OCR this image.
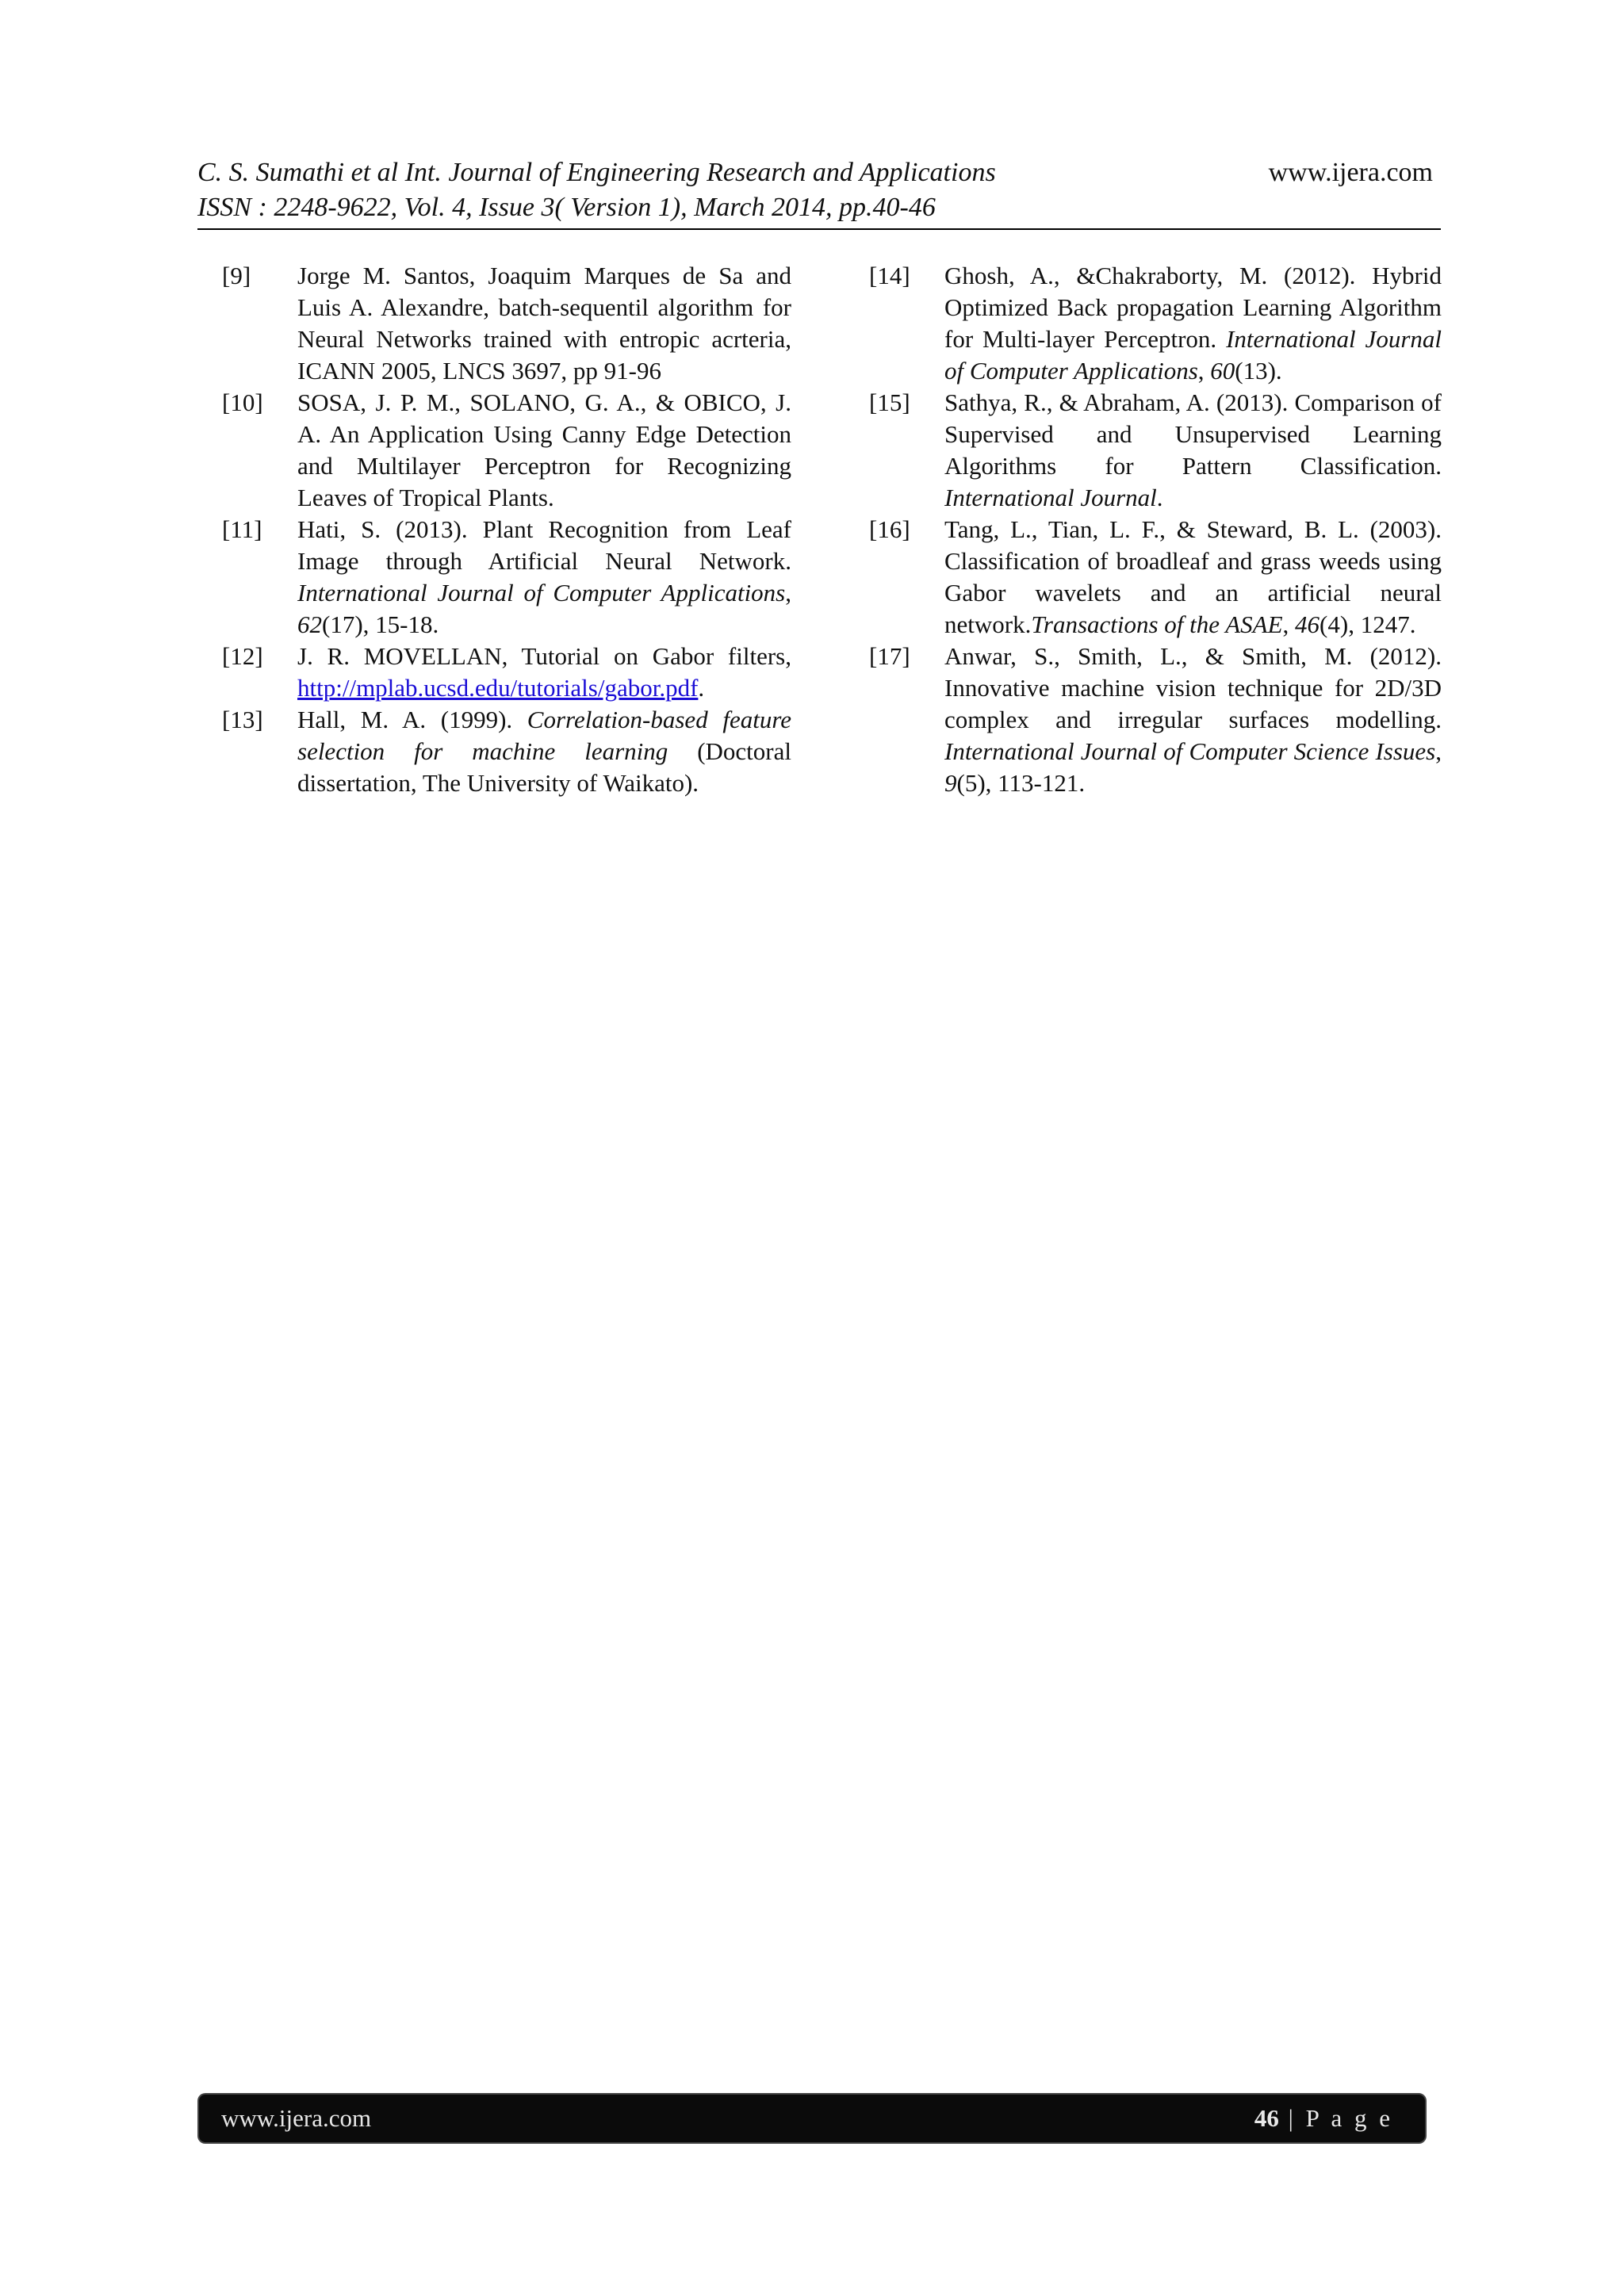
C. S. Sumathi et al Int. Journal of Engineering Research and Applications	www.ijera.com
ISSN : 2248-9622, Vol. 4, Issue 3( Version 1), March 2014, pp.40-46
[9]	Jorge M. Santos, Joaquim Marques de Sa and Luis A. Alexandre, batch-sequentil algorithm for Neural Networks trained with entropic acrteria, ICANN 2005, LNCS 3697, pp 91-96
[10]	SOSA, J. P. M., SOLANO, G. A., & OBICO, J. A. An Application Using Canny Edge Detection and Multilayer Perceptron for Recognizing Leaves of Tropical Plants.
[11]	Hati, S. (2013). Plant Recognition from Leaf Image through Artificial Neural Network. International Journal of Computer Applications, 62(17), 15-18.
[12]	J. R. MOVELLAN, Tutorial on Gabor filters, http://mplab.ucsd.edu/tutorials/gabor.pdf.
[13]	Hall, M. A. (1999). Correlation-based feature selection for machine learning (Doctoral dissertation, The University of Waikato).
[14]	Ghosh, A., &Chakraborty, M. (2012). Hybrid Optimized Back propagation Learning Algorithm for Multi-layer Perceptron. International Journal of Computer Applications, 60(13).
[15]	Sathya, R., & Abraham, A. (2013). Comparison of Supervised and Unsupervised Learning Algorithms for Pattern Classification. International Journal.
[16]	Tang, L., Tian, L. F., & Steward, B. L. (2003). Classification of broadleaf and grass weeds using Gabor wavelets and an artificial neural network.Transactions of the ASAE, 46(4), 1247.
[17]	Anwar, S., Smith, L., & Smith, M. (2012). Innovative machine vision technique for 2D/3D complex and irregular surfaces modelling. International Journal of Computer Science Issues, 9(5), 113-121.
www.ijera.com	46 | P a g e
